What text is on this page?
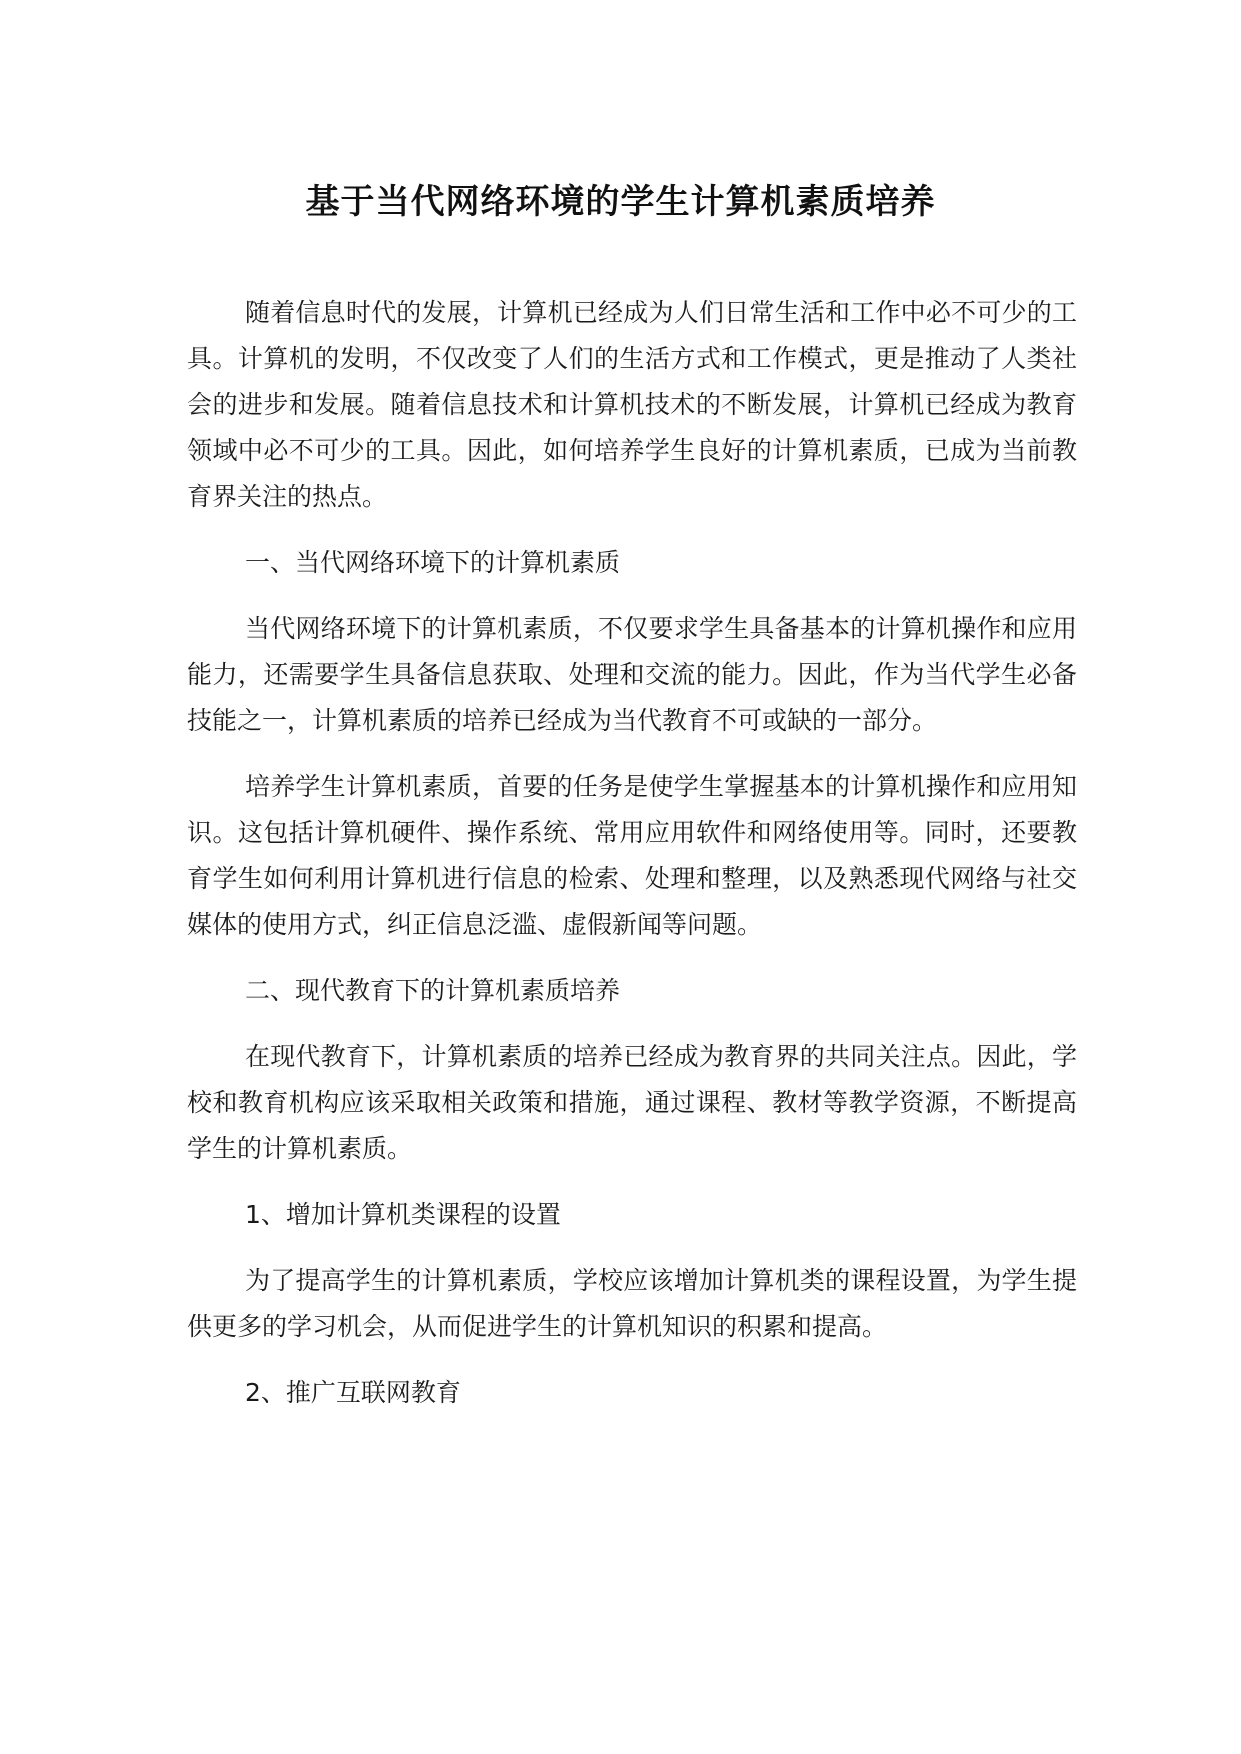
基于当代网络环境的学生计算机素质培养

随着信息时代的发展，计算机已经成为人们日常生活和工作中必不可少的工具。计算机的发明，不仅改变了人们的生活方式和工作模式，更是推动了人类社会的进步和发展。随着信息技术和计算机技术的不断发展，计算机已经成为教育领域中必不可少的工具。因此，如何培养学生良好的计算机素质，已成为当前教育界关注的热点。

一、当代网络环境下的计算机素质

当代网络环境下的计算机素质，不仅要求学生具备基本的计算机操作和应用能力，还需要学生具备信息获取、处理和交流的能力。因此，作为当代学生必备技能之一，计算机素质的培养已经成为当代教育不可或缺的一部分。

培养学生计算机素质，首要的任务是使学生掌握基本的计算机操作和应用知识。这包括计算机硬件、操作系统、常用应用软件和网络使用等。同时，还要教育学生如何利用计算机进行信息的检索、处理和整理，以及熟悉现代网络与社交媒体的使用方式，纠正信息泛滥、虚假新闻等问题。

二、现代教育下的计算机素质培养

在现代教育下，计算机素质的培养已经成为教育界的共同关注点。因此，学校和教育机构应该采取相关政策和措施，通过课程、教材等教学资源，不断提高学生的计算机素质。

1、增加计算机类课程的设置

为了提高学生的计算机素质，学校应该增加计算机类的课程设置，为学生提供更多的学习机会，从而促进学生的计算机知识的积累和提高。

2、推广互联网教育
